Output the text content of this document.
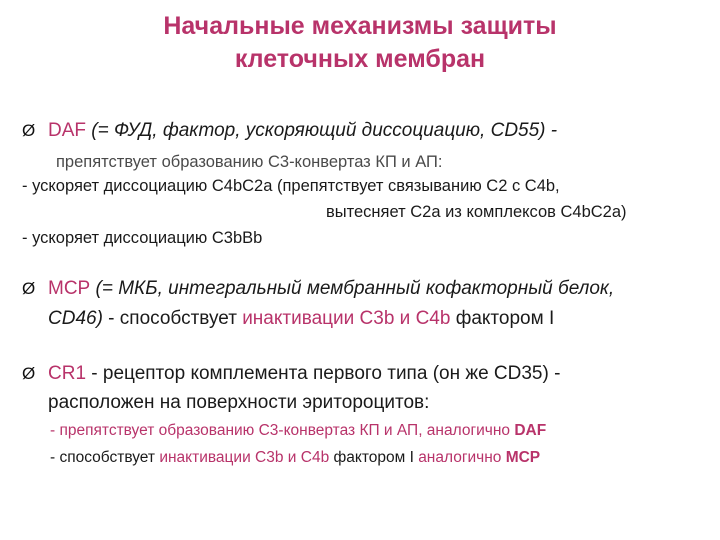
Начальные механизмы защиты
клеточных мембран
Ø DAF (= ФУД, фактор, ускоряющий диссоциацию, CD55) -
препятствует образованию С3-конвертаз КП и АП:
- ускоряет диссоциацию С4bC2a (препятствует связыванию С2 с С4b,
вытесняет С2а из комплексов С4bC2a)
- ускоряет диссоциацию С3bBb
Ø MCP (= МКБ, интегральный мембранный кофакторный белок,
CD46) - способствует инактивации С3b и С4b фактором I
Ø CR1 - рецептор комплемента первого типа (он же CD35) -
расположен на поверхности эритороцитов:
- препятствует образованию С3-конвертаз КП и АП, аналогично DAF
- способствует инактивации С3b и С4b фактором I аналогично MCP
